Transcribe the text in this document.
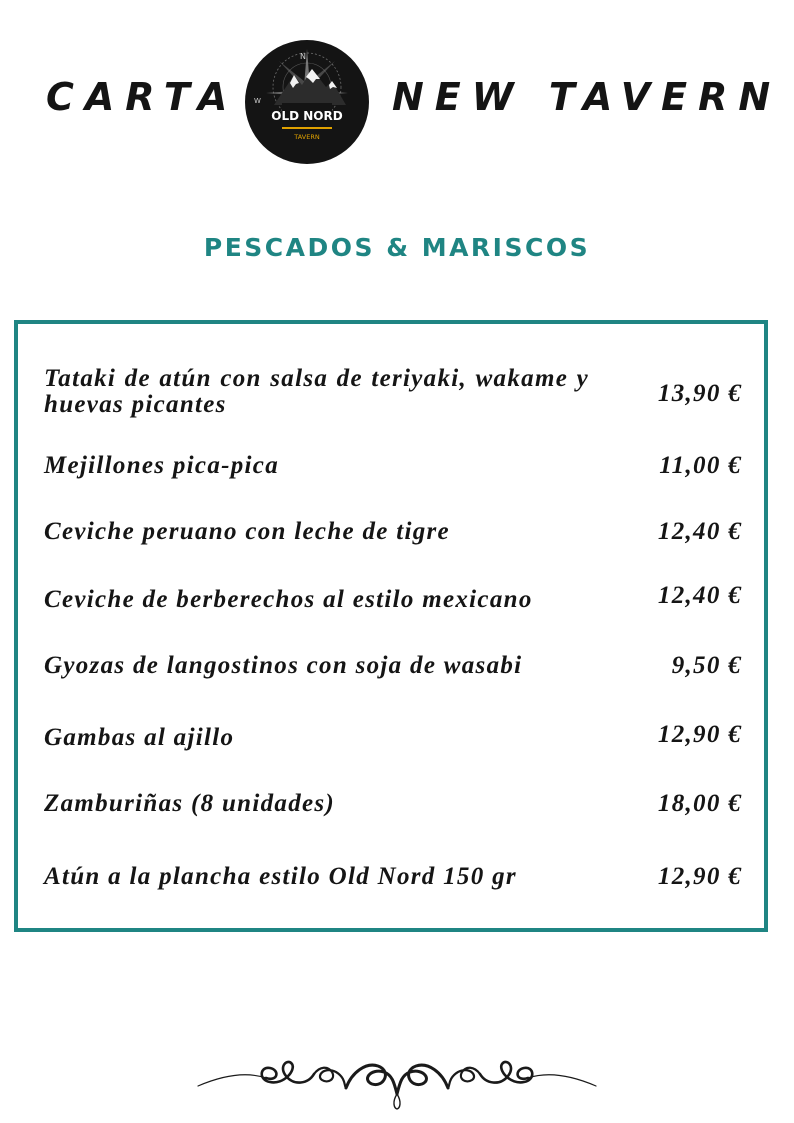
CARTA
N
W
OLD NORD
TAVERN
NEW TAVERN
PESCADOS & MARISCOS
Tataki de atún con salsa de teriyaki, wakame y huevas picantes	13,90 €
Mejillones pica-pica	11,00 €
Ceviche peruano con leche de tigre	12,40 €
Ceviche de berberechos al estilo mexicano	12,40 €
Gyozas de langostinos con soja de wasabi	9,50 €
Gambas al ajillo	12,90 €
Zamburiñas (8 unidades)	18,00 €
Atún a la plancha estilo Old Nord 150 gr	12,90 €
